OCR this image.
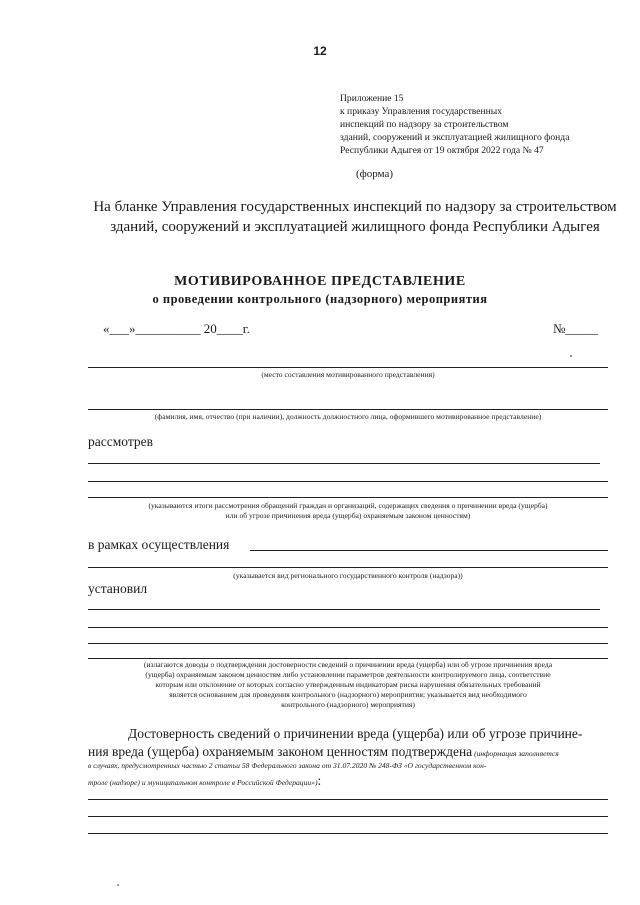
12
Приложение 15
к приказу Управления государственных
инспекций по надзору за строительством
зданий, сооружений и эксплуатацией жилищного фонда
Республики Адыгея от 19 октября 2022 года № 47
(форма)
На бланке Управления государственных инспекций по надзору за строительством
зданий, сооружений и эксплуатацией жилищного фонда Республики Адыгея
МОТИВИРОВАННОЕ ПРЕДСТАВЛЕНИЕ
о проведении контрольного (надзорного) мероприятия
«___»__________ 20____г.	№_____
(место составления мотивированного представления)
(фамилия, имя, отчество (при наличии), должность должностного лица, оформившего мотивированное представление)
рассмотрев
(указываются итоги рассмотрения обращений граждан и организаций, содержащих сведения о причинении вреда (ущерба)
или об угрозе причинения вреда (ущерба) охраняемым законом ценностям)
в рамках осуществления
(указывается вид регионального государственного контроля (надзора))
установил
(излагаются доводы о подтверждении достоверности сведений о причинении вреда (ущерба) или об угрозе причинения вреда
(ущерба) охраняемым законом ценностям либо установлении параметров деятельности контролируемого лица, соответствие
которым или отклонение от которых согласно утвержденным индикаторам риска нарушения обязательных требований
является основанием для проведения контрольного (надзорного) мероприятия; указывается вид необходимого
контрольного (надзорного) мероприятия)
Достоверность сведений о причинении вреда (ущерба) или об угрозе причине-
ния вреда (ущерба) охраняемым законом ценностям подтверждена (информация заполняется
в случаях, предусмотренных частью 2 статьи 58 Федерального закона от 31.07.2020 № 248-ФЗ «О государственном кон-
троле (надзоре) и муниципальном контроле в Российской Федерации»):
